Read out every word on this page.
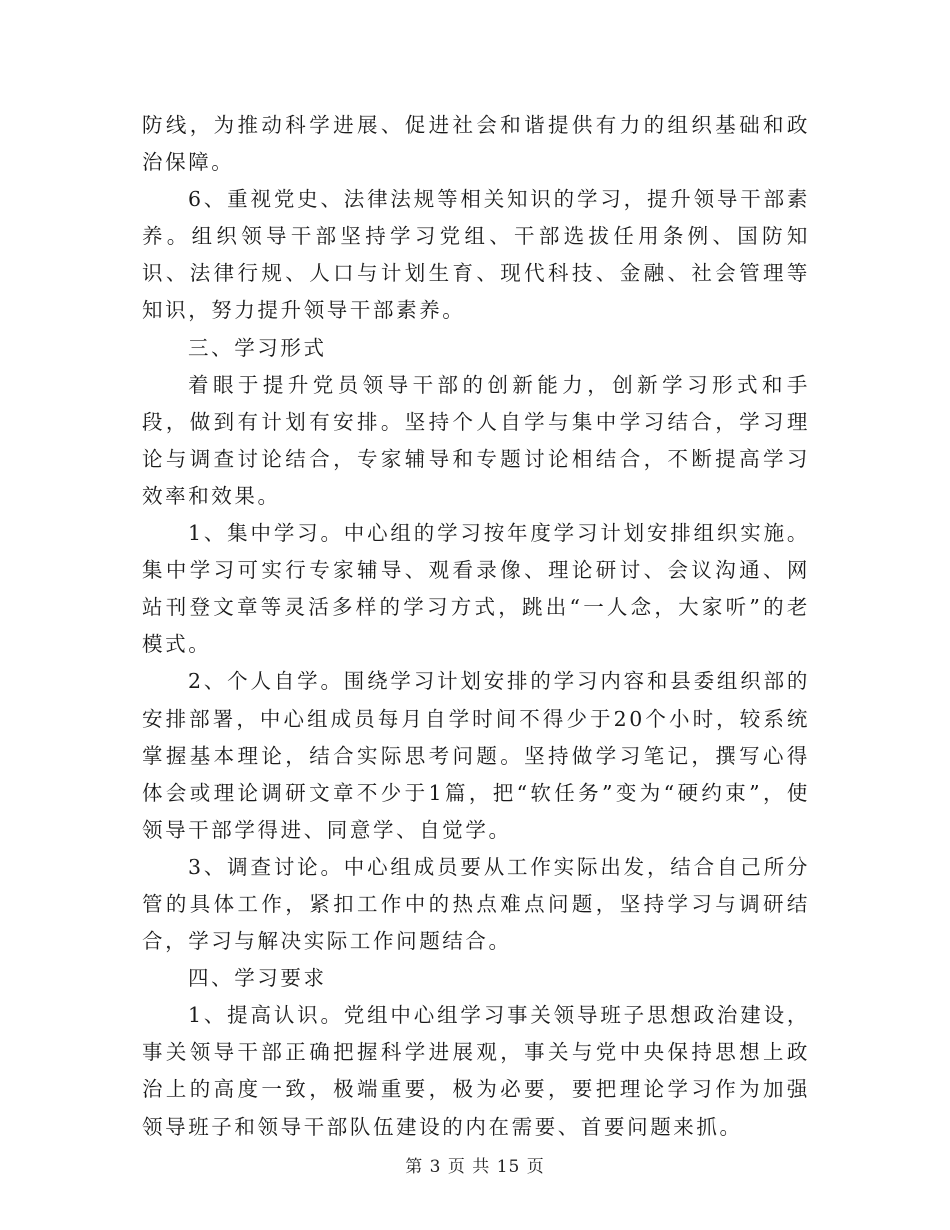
防线，为推动科学进展、促进社会和谐提供有力的组织基础和政治保障。

6、重视党史、法律法规等相关知识的学习，提升领导干部素养。组织领导干部坚持学习党组、干部选拔任用条例、国防知识、法律行规、人口与计划生育、现代科技、金融、社会管理等知识，努力提升领导干部素养。

三、学习形式

着眼于提升党员领导干部的创新能力，创新学习形式和手段，做到有计划有安排。坚持个人自学与集中学习结合，学习理论与调查讨论结合，专家辅导和专题讨论相结合，不断提高学习效率和效果。

1、集中学习。中心组的学习按年度学习计划安排组织实施。集中学习可实行专家辅导、观看录像、理论研讨、会议沟通、网站刊登文章等灵活多样的学习方式，跳出“一人念，大家听”的老模式。

2、个人自学。围绕学习计划安排的学习内容和县委组织部的安排部署，中心组成员每月自学时间不得少于20个小时，较系统掌握基本理论，结合实际思考问题。坚持做学习笔记，撰写心得体会或理论调研文章不少于1篇，把“软任务”变为“硬约束”，使领导干部学得进、同意学、自觉学。

3、调查讨论。中心组成员要从工作实际出发，结合自己所分管的具体工作，紧扣工作中的热点难点问题，坚持学习与调研结合，学习与解决实际工作问题结合。

四、学习要求

1、提高认识。党组中心组学习事关领导班子思想政治建设，事关领导干部正确把握科学进展观，事关与党中央保持思想上政治上的高度一致，极端重要，极为必要，要把理论学习作为加强领导班子和领导干部队伍建设的内在需要、首要问题来抓。

第 3 页 共 15 页
